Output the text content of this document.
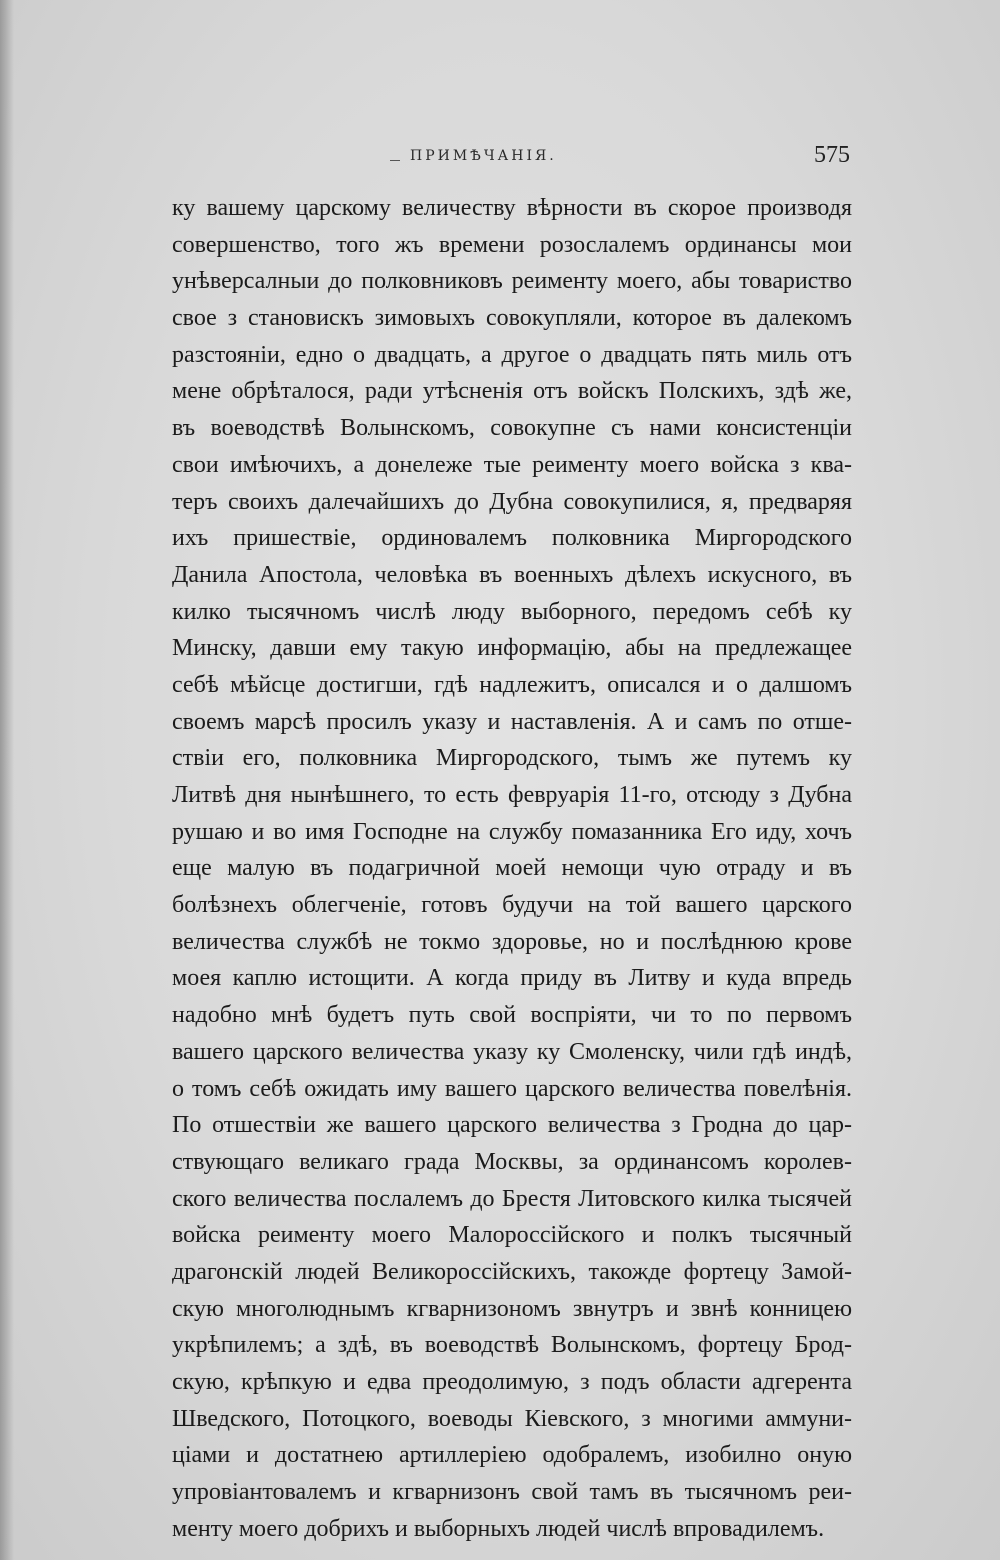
ПРИМѢЧАНІЯ.	575
ку вашему царскому величеству вѣрности въ скорое производя
совершенство, того жъ времени розослалемъ ординансы мои
унѣверсалныи до полковниковъ реименту моего, абы товариство
свое з становискъ зимовыхъ совокупляли, которое въ далекомъ
разстояніи, едно о двадцать, а другое о двадцать пять миль отъ
мене обрѣталося, ради утѣсненія отъ войскъ Полскихъ, здѣ же,
въ воеводствѣ Волынскомъ, совокупне съ нами консистенціи
свои имѣючихъ, а донележе тые реименту моего войска з ква-
теръ своихъ далечайшихъ до Дубна совокупилися, я, предваряя
ихъ пришествіе, ординовалемъ полковника Миргородского
Данила Апостола, человѣка въ военныхъ дѣлехъ искусного, въ
килко тысячномъ числѣ люду выборного, передомъ себѣ ку
Минску, давши ему такую информацію, абы на предлежащее
себѣ мѣйсце достигши, гдѣ надлежитъ, описался и о далшомъ
своемъ марсѣ просилъ указу и наставленія. А и самъ по отше-
ствіи его, полковника Миргородского, тымъ же путемъ ку
Литвѣ дня нынѣшнего, то есть февруарія 11-го, отсюду з Дубна
рушаю и во имя Господне на службу помазанника Его иду, хочъ
еще малую въ подагричной моей немощи чую отраду и въ
болѣзнехъ облегченіе, готовъ будучи на той вашего царского
величества службѣ не токмо здоровье, но и послѣднюю крове
моея каплю истощити. А когда приду въ Литву и куда впредь
надобно мнѣ будетъ путь свой воспріяти, чи то по первомъ
вашего царского величества указу ку Смоленску, чили гдѣ индѣ,
о томъ себѣ ожидать иму вашего царского величества повелѣнія.
По отшествіи же вашего царского величества з Гродна до цар-
ствующаго великаго града Москвы, за ординансомъ королев-
ского величества послалемъ до Брестя Литовского килка тысячей
войска реименту моего Малороссійского и полкъ тысячный
драгонскій людей Великороссійскихъ, такожде фортецу Замой-
скую многолюднымъ кгварнизономъ звнутръ и звнѣ конницею
укрѣпилемъ; а здѣ, въ воеводствѣ Волынскомъ, фортецу Брод-
скую, крѣпкую и едва преодолимую, з подъ области адгерента
Шведского, Потоцкого, воеводы Кіевского, з многими аммуни-
ціами и достатнею артиллеріею одобралемъ, изобилно оную
упровіантовалемъ и кгварнизонъ свой тамъ въ тысячномъ реи-
менту моего добрихъ и выборныхъ людей числѣ впровадилемъ.
